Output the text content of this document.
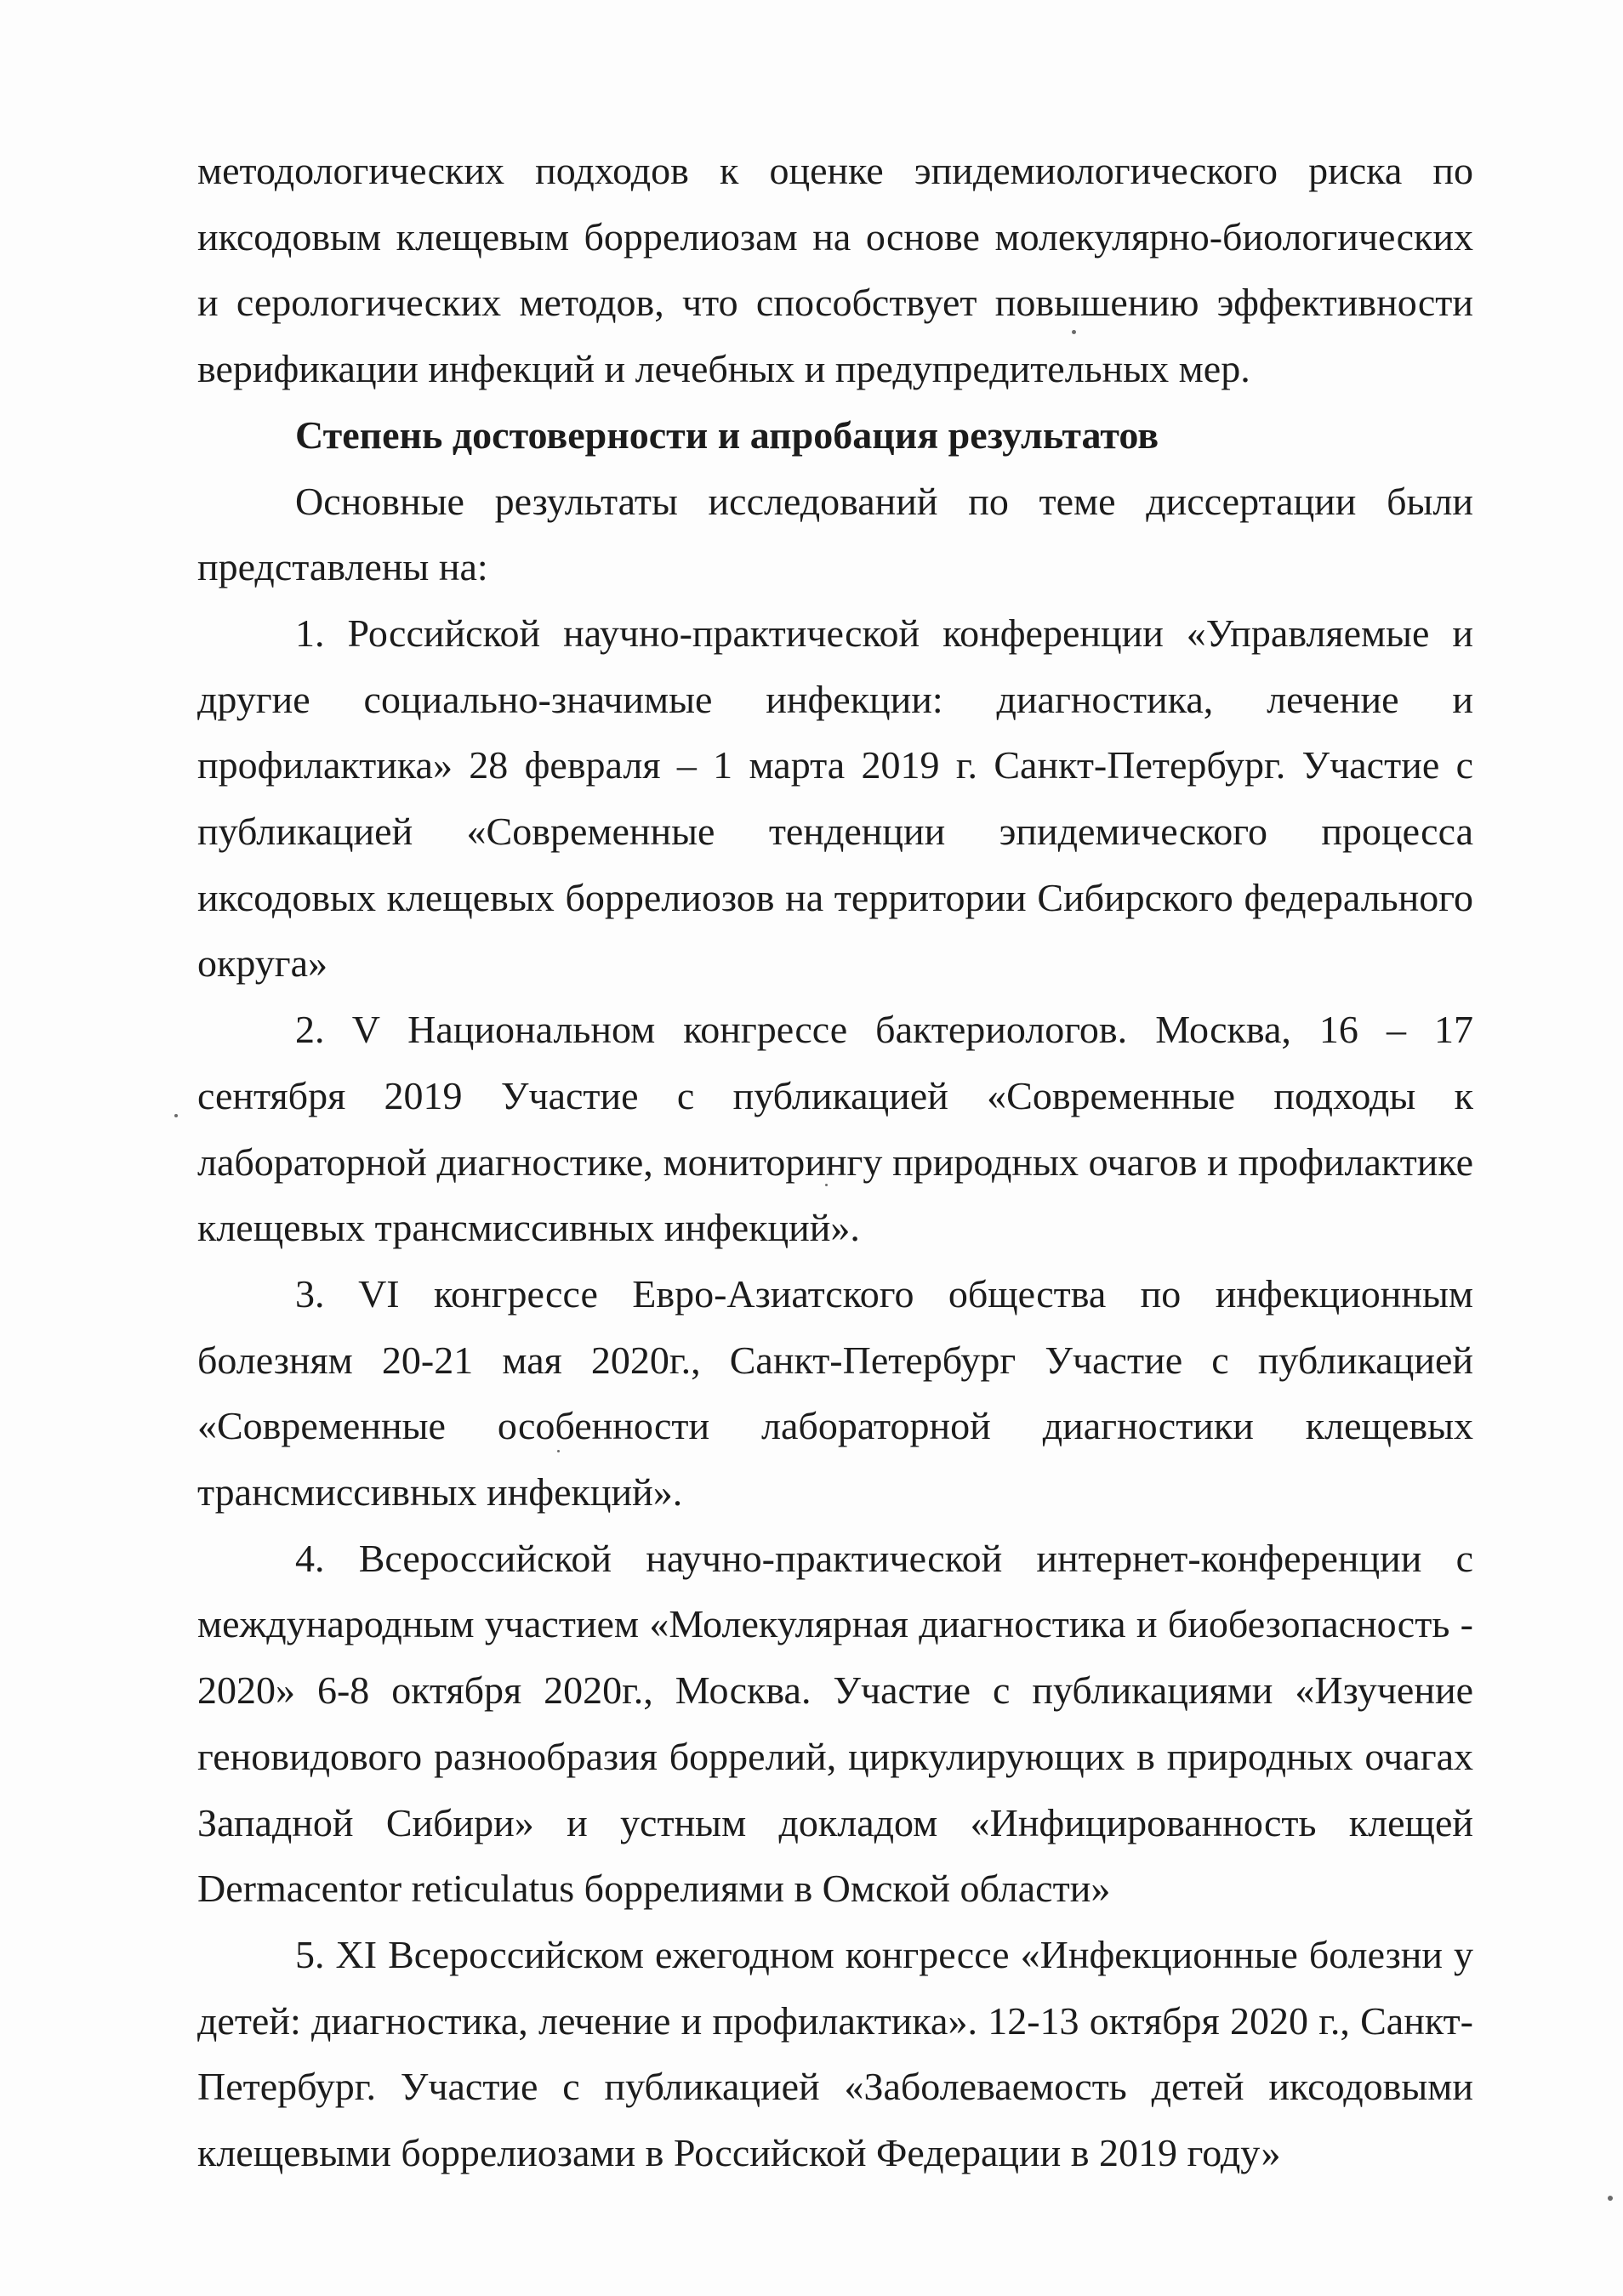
методологических подходов к оценке эпидемиологического риска по иксодовым клещевым боррелиозам на основе молекулярно-биологических и серологических методов, что способствует повышению эффективности верификации инфекций и лечебных и предупредительных мер.

Степень достоверности и апробация результатов

Основные результаты исследований по теме диссертации были представлены на:

1. Российской научно-практической конференции «Управляемые и другие социально-значимые инфекции: диагностика, лечение и профилактика» 28 февраля – 1 марта 2019 г. Санкт-Петербург. Участие с публикацией «Современные тенденции эпидемического процесса иксодовых клещевых боррелиозов на территории Сибирского федерального округа»

2. V Национальном конгрессе бактериологов. Москва, 16 – 17 сентября 2019 Участие с публикацией «Современные подходы к лабораторной диагностике, мониторингу природных очагов и профилактике клещевых трансмиссивных инфекций».

3. VI конгрессе Евро-Азиатского общества по инфекционным болезням 20-21 мая 2020г., Санкт-Петербург Участие с публикацией «Современные особенности лабораторной диагностики клещевых трансмиссивных инфекций».

4. Всероссийской научно-практической интернет-конференции с международным участием «Молекулярная диагностика и биобезопасность - 2020» 6-8 октября 2020г., Москва. Участие с публикациями «Изучение геновидового разнообразия боррелий, циркулирующих в природных очагах Западной Сибири» и устным докладом «Инфицированность клещей Dermacentor reticulatus боррелиями в Омской области»

5. XI Всероссийском ежегодном конгрессе «Инфекционные болезни у детей: диагностика, лечение и профилактика». 12-13 октября 2020 г., Санкт-Петербург. Участие с публикацией «Заболеваемость детей иксодовыми клещевыми боррелиозами в Российской Федерации в 2019 году»
